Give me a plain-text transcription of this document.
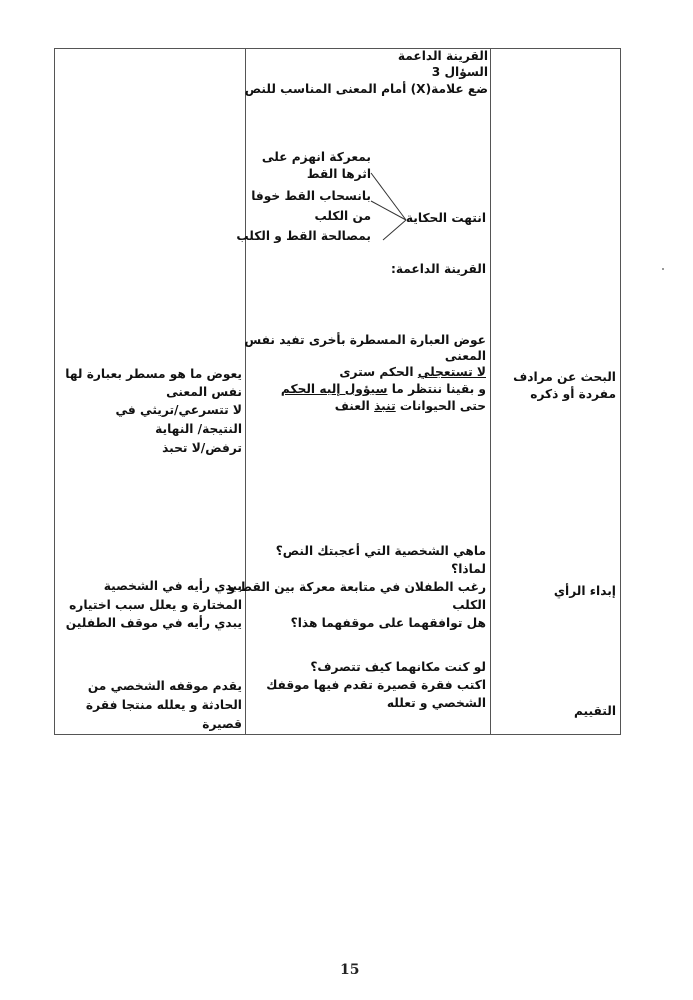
القرينة الداعمة
السؤال 3
ضع علامة(X) أمام المعنى المناسب للنص
انتهت الحكاية
بمعركة انهزم على
اثرها القط
بانسحاب القط خوفا
من الكلب
بمصالحة القط و الكلب
القرينة الداعمة:
البحث عن مرادف
مفردة أو ذكره
عوض العبارة المسطرة بأخرى تفيد نفس
المعنى
لا تستعجلي الحكم سترى
و بقينا ننتظر ما سيؤول إليه الحكم
حتى الحيوانات تنبذ العنف
يعوض ما هو مسطر بعبارة لها
نفس المعنى
لا تتسرعي/تريثي في
النتيجة/ النهاية
ترفض/لا تحبذ
إبداء الرأي
ماهي الشخصية التي أعجبتك النص؟
لماذا؟
رغب الطفلان في متابعة معركة بين القط و
الكلب
هل توافقهما على موقفهما هذا؟
يبدي رأيه في الشخصية
المختارة و يعلل سبب اختياره
يبدي رأيه في موقف الطفلين
التقييم
لو كنت مكانهما كيف تتصرف؟
اكتب فقرة قصيرة تقدم فيها موقفك
الشخصي و تعلله
يقدم موقفه الشخصي من
الحادثة و يعلله منتجا فقرة
قصيرة
15
